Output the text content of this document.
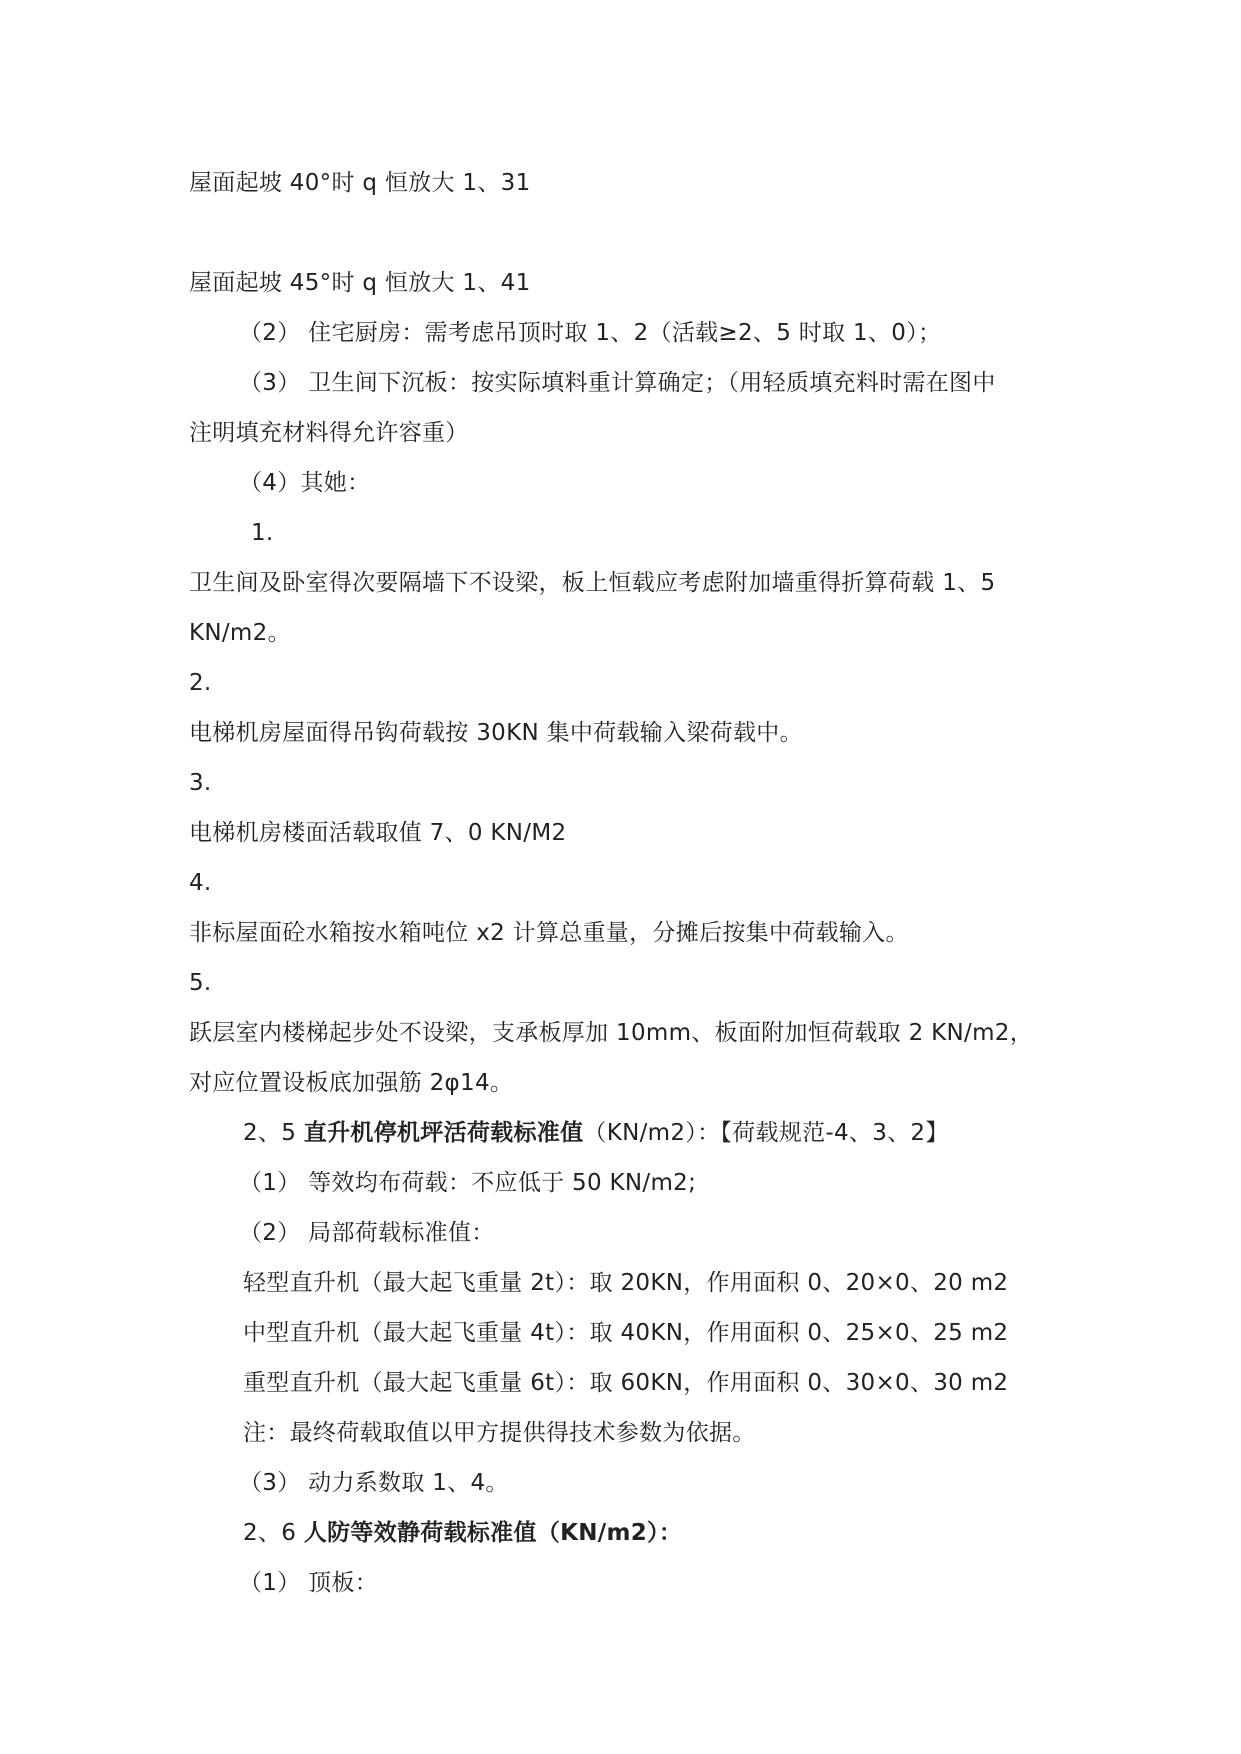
屋面起坡 40°时 q 恒放大 1、31
屋面起坡 45°时 q 恒放大 1、41
（2） 住宅厨房：需考虑吊顶时取 1、2（活载≥2、5 时取 1、0）；
（3） 卫生间下沉板：按实际填料重计算确定；（用轻质填充料时需在图中
注明填充材料得允许容重）
（4）其她：
1.
卫生间及卧室得次要隔墙下不设梁，板上恒载应考虑附加墙重得折算荷载 1、5
KN/m2。
2.
电梯机房屋面得吊钩荷载按 30KN 集中荷载输入梁荷载中。
3.
电梯机房楼面活载取值 7、0 KN/M2
4.
非标屋面砼水箱按水箱吨位 x2 计算总重量，分摊后按集中荷载输入。
5.
跃层室内楼梯起步处不设梁，支承板厚加 10mm、板面附加恒荷载取 2 KN/m2，
对应位置设板底加强筋 2φ14。
2、5 直升机停机坪活荷载标准值（KN/m2）：【荷载规范-4、3、2】
（1） 等效均布荷载：不应低于 50 KN/m2;
（2） 局部荷载标准值：
轻型直升机（最大起飞重量 2t）：取 20KN，作用面积 0、20×0、20 m2
中型直升机（最大起飞重量 4t）：取 40KN，作用面积 0、25×0、25 m2
重型直升机（最大起飞重量 6t）：取 60KN，作用面积 0、30×0、30 m2
注：最终荷载取值以甲方提供得技术参数为依据。
（3） 动力系数取 1、4。
2、6 人防等效静荷载标准值（KN/m2）：
（1） 顶板：
